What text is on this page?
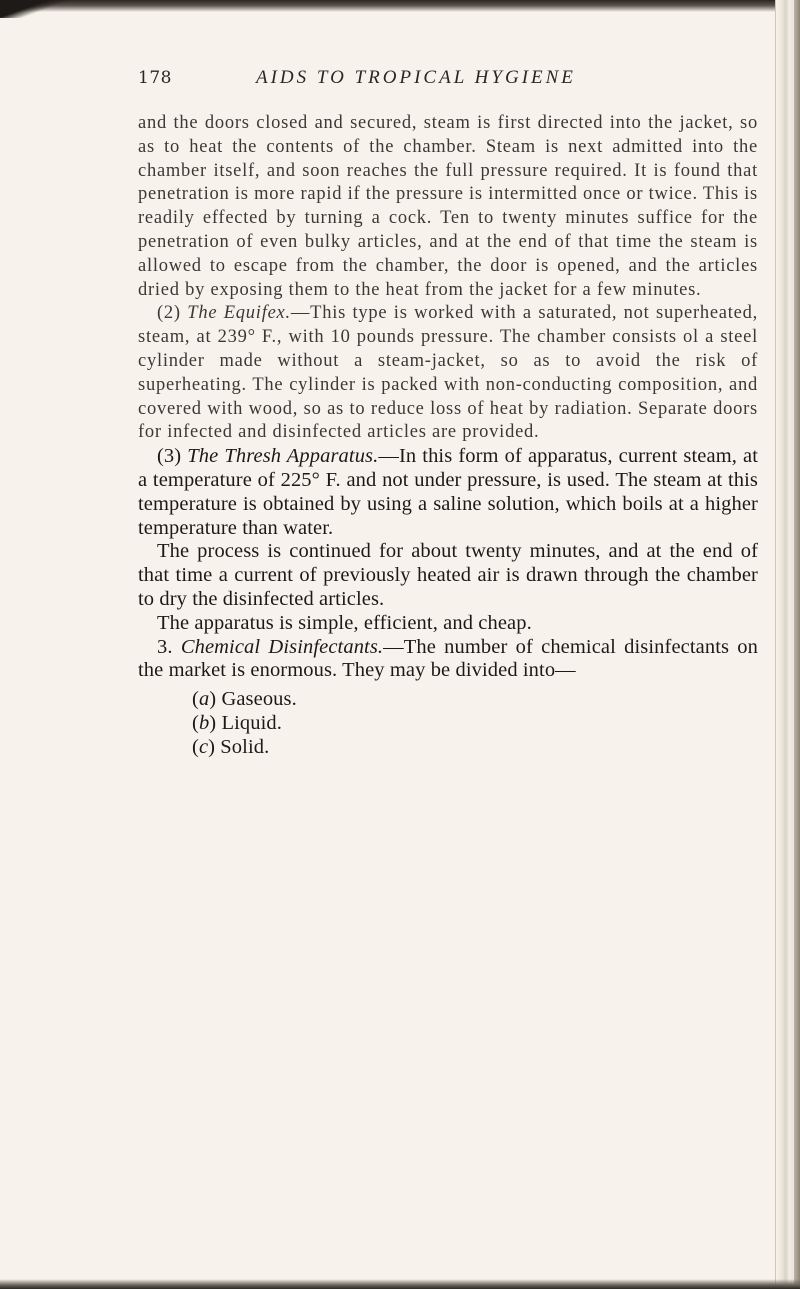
178	AIDS TO TROPICAL HYGIENE

and the doors closed and secured, steam is first directed into the jacket, so as to heat the contents of the chamber. Steam is next admitted into the chamber itself, and soon reaches the full pressure required. It is found that penetration is more rapid if the pressure is intermitted once or twice. This is readily effected by turning a cock. Ten to twenty minutes suffice for the penetration of even bulky articles, and at the end of that time the steam is allowed to escape from the chamber, the door is opened, and the articles dried by exposing them to the heat from the jacket for a few minutes.

(2) The Equifex.—This type is worked with a saturated, not superheated, steam, at 239° F., with 10 pounds pressure. The chamber consists ol a steel cylinder made without a steam-jacket, so as to avoid the risk of superheating. The cylinder is packed with non-conducting composition, and covered with wood, so as to reduce loss of heat by radiation. Separate doors for infected and disinfected articles are provided.

(3) The Thresh Apparatus.—In this form of apparatus, current steam, at a temperature of 225° F. and not under pressure, is used. The steam at this temperature is obtained by using a saline solution, which boils at a higher temperature than water.

The process is continued for about twenty minutes, and at the end of that time a current of previously heated air is drawn through the chamber to dry the disinfected articles.

The apparatus is simple, efficient, and cheap.

3. Chemical Disinfectants.—The number of chemical disinfectants on the market is enormous. They may be divided into—

(a) Gaseous.
(b) Liquid.
(c) Solid.
